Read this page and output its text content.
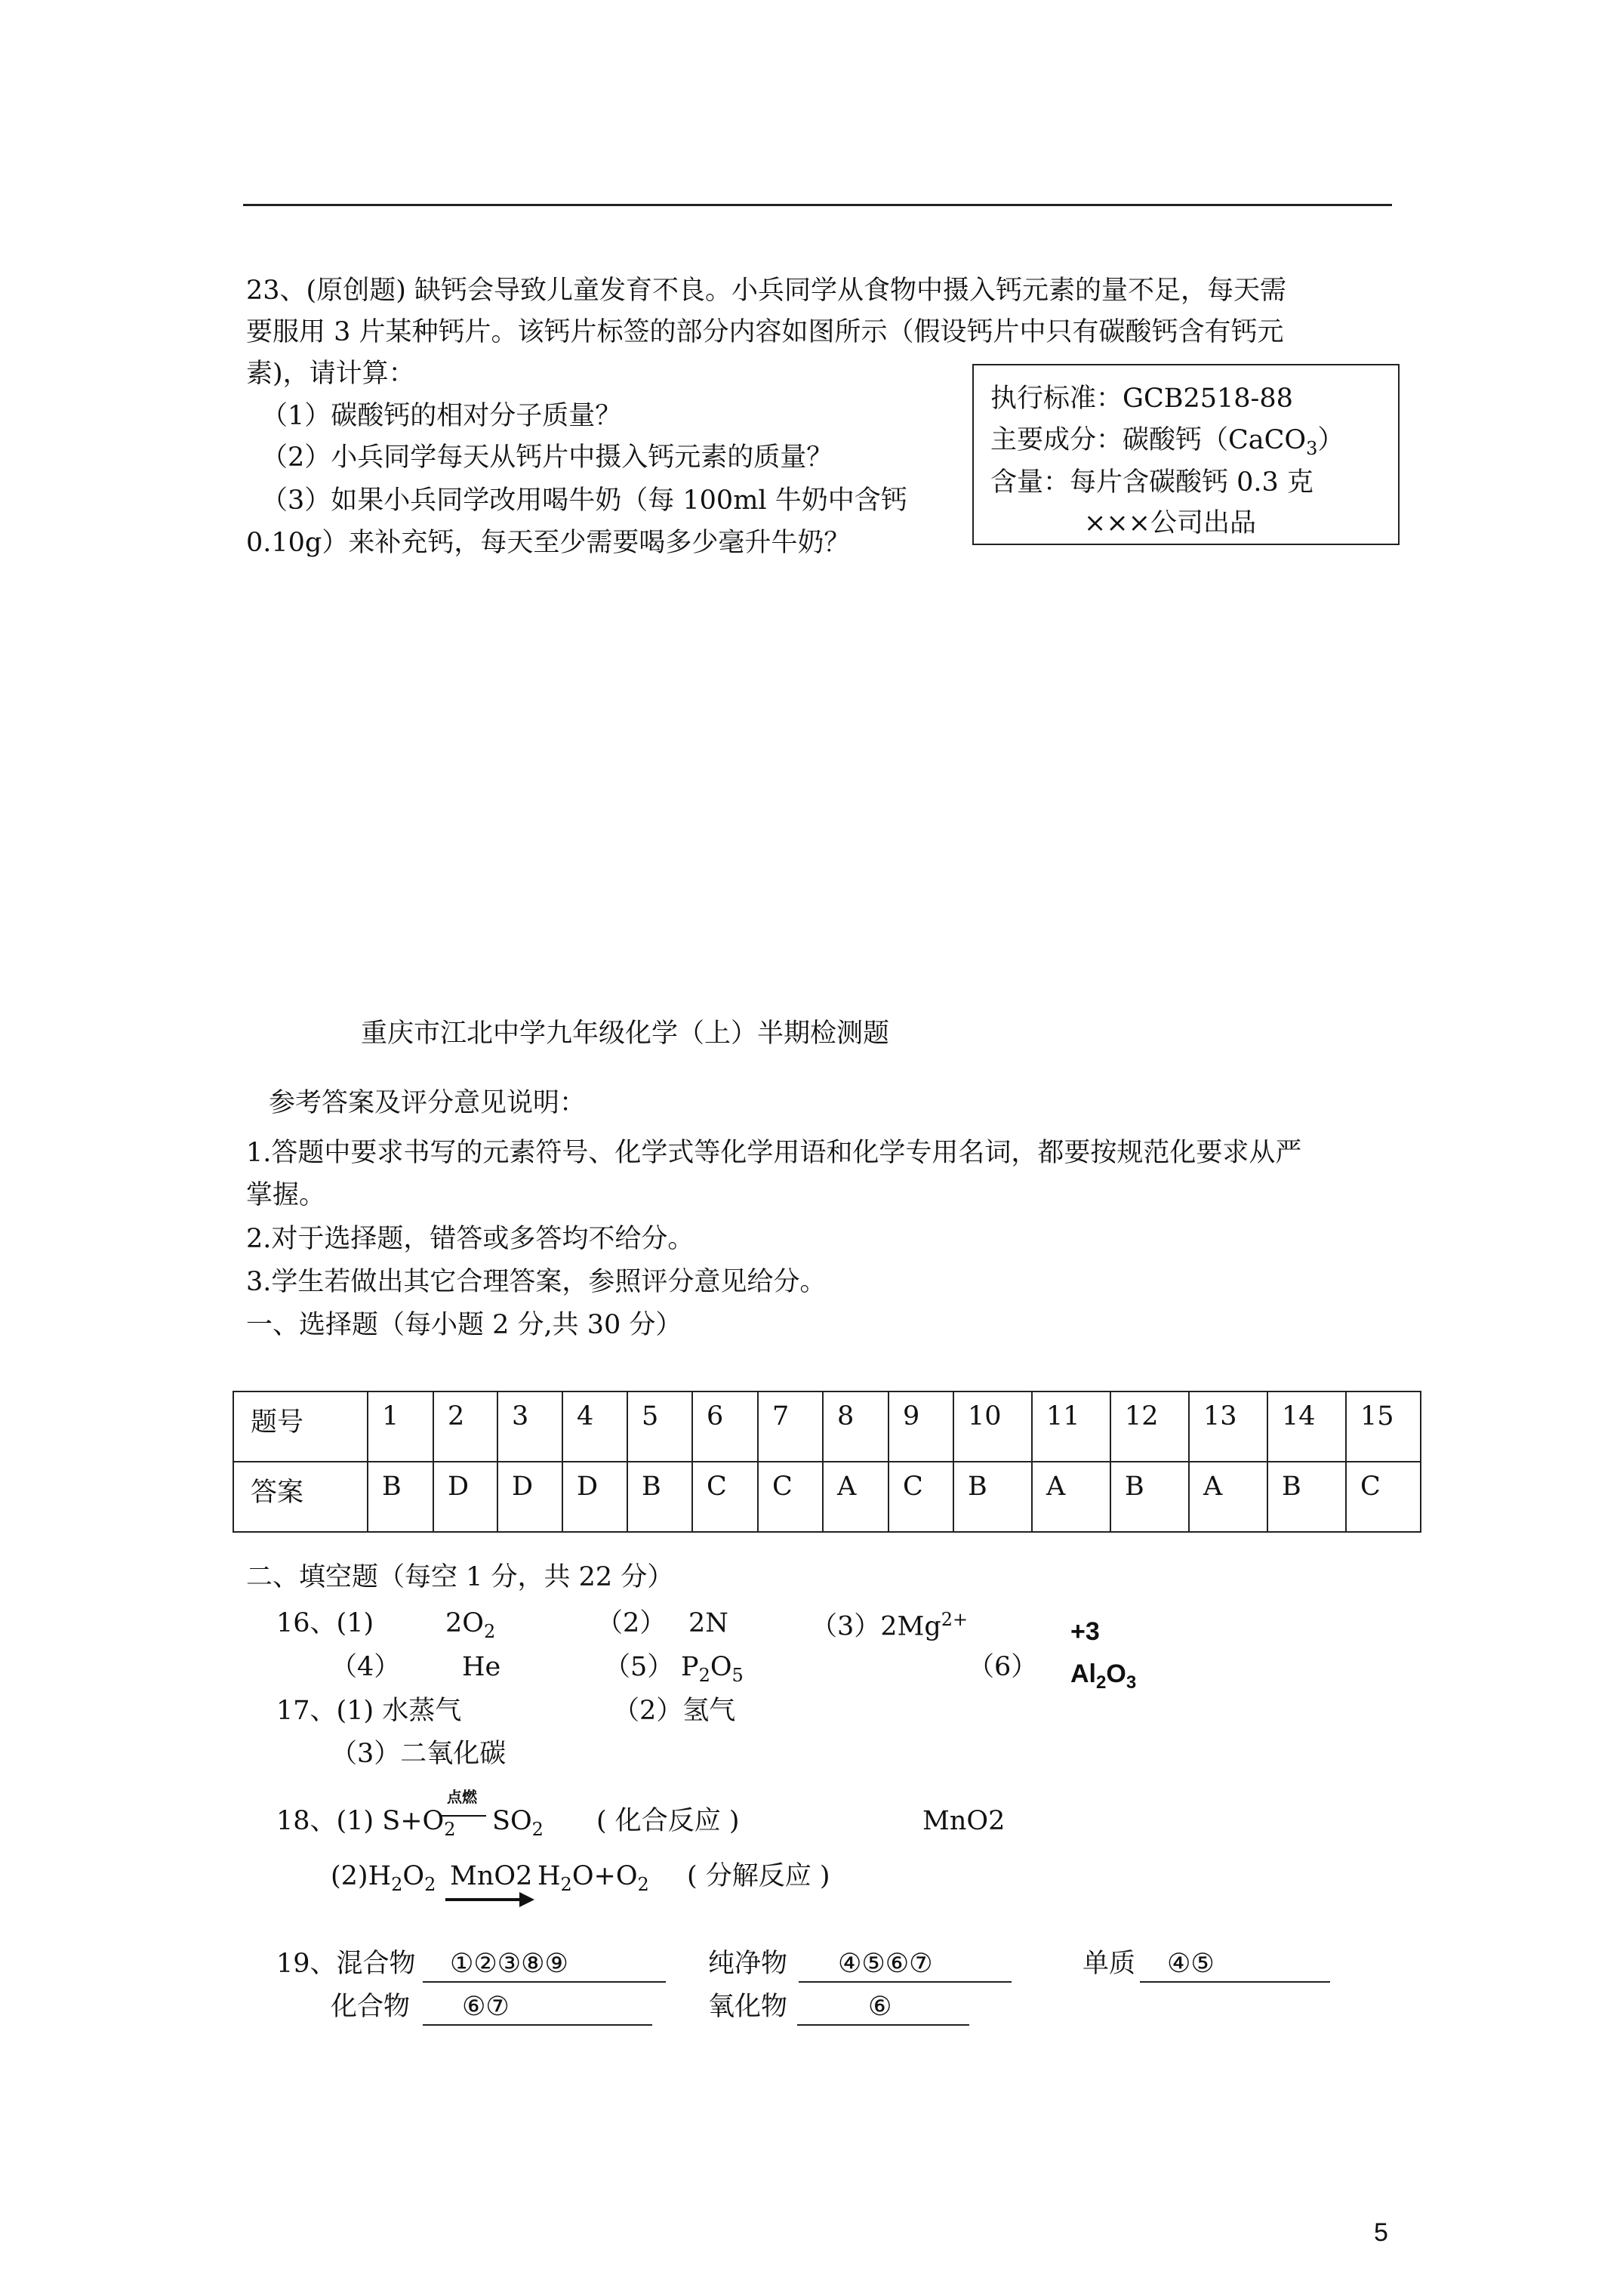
23、(原创题) 缺钙会导致儿童发育不良。小兵同学从食物中摄入钙元素的量不足，每天需
要服用 3 片某种钙片。该钙片标签的部分内容如图所示（假设钙片中只有碳酸钙含有钙元
素)，请计算：
（1）碳酸钙的相对分子质量？
（2）小兵同学每天从钙片中摄入钙元素的质量？
（3）如果小兵同学改用喝牛奶（每 100ml 牛奶中含钙
0.10g）来补充钙，每天至少需要喝多少毫升牛奶？
执行标准：GCB2518-88
主要成分：碳酸钙（CaCO$_3$）
含量：每片含碳酸钙 0.3 克
×××公司出品
重庆市江北中学九年级化学（上）半期检测题
参考答案及评分意见说明：
1.答题中要求书写的元素符号、化学式等化学用语和化学专用名词，都要按规范化要求从严
掌握。
2.对于选择题，错答或多答均不给分。
3.学生若做出其它合理答案，参照评分意见给分。
一、选择题（每小题 2 分,共 30 分）
题号	1	2	3	4	5	6	7	8	9	10	11	12	13	14	15
答案	B	D	D	D	B	C	C	A	C	B	A	B	A	B	C
二、填空题（每空 1 分，共 22 分）
16、(1)	$2O_2$	（2） 2N	$(3)2Mg^{2+}$
（4） He	（5） $P_2O_5$	（6）
+3
$Al_2O_3$
17、(1) 水蒸气	（2）氢气
（3）二氧化碳
18、(1) $S+O_2$
点燃
$SO_2$ ( 化合反应 )	MnO2
$(2)H_2O_2$ MnO2 $H_2O+O_2$ ( 分解反应 )
19、混合物 ①②③⑧⑨	纯净物 ④⑤⑥⑦	单质 ④⑤
化合物 ⑥⑦	氧化物	⑥
5
